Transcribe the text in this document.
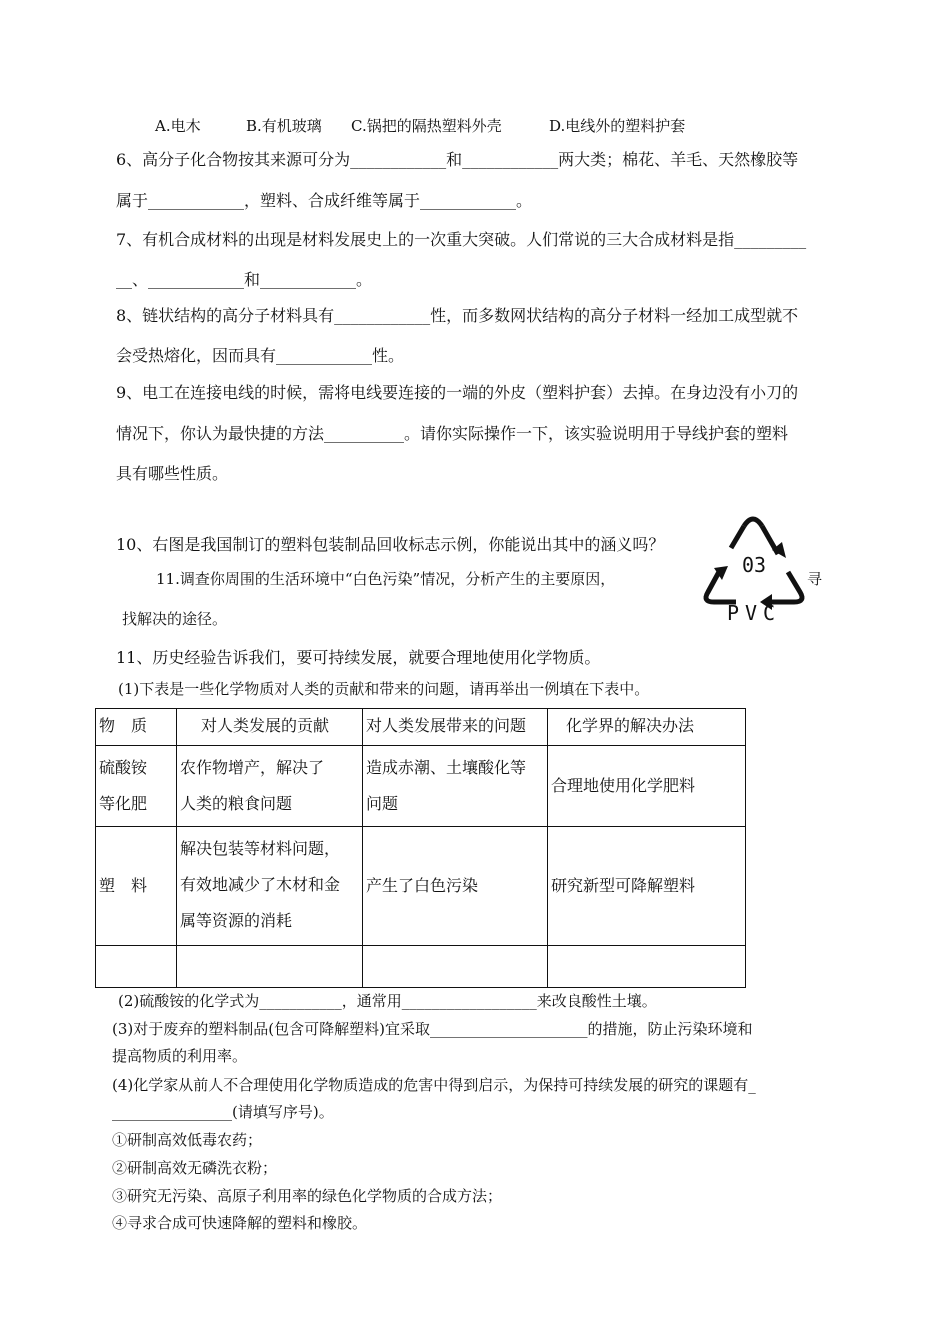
A.电木	B.有机玻璃 C.锅把的隔热塑料外壳	D.电线外的塑料护套
6、高分子化合物按其来源可分为____________和____________两大类；棉花、羊毛、天然橡胶等
属于____________，塑料、合成纤维等属于____________。
7、有机合成材料的出现是材料发展史上的一次重大突破。人们常说的三大合成材料是指_________
__、____________和____________。
8、链状结构的高分子材料具有____________性，而多数网状结构的高分子材料一经加工成型就不
会受热熔化，因而具有____________性。
9、电工在连接电线的时候，需将电线要连接的一端的外皮（塑料护套）去掉。在身边没有小刀的
情况下，你认为最快捷的方法__________。请你实际操作一下，该实验说明用于导线护套的塑料
具有哪些性质。
10、右图是我国制订的塑料包装制品回收标志示例，你能说出其中的涵义吗？
11.调查你周围的生活环境中“白色污染”情况，分析产生的主要原因，	寻
找解决的途径。
03
PVC
11、历史经验告诉我们，要可持续发展，就要合理地使用化学物质。
(1)下表是一些化学物质对人类的贡献和带来的问题，请再举出一例填在下表中。
物　质	对人类发展的贡献	对人类发展带来的问题	化学界的解决办法

硫酸铵
等化肥	农作物增产，解决了
人类的粮食问题	造成赤潮、土壤酸化等
问题	合理地使用化学肥料

塑　料	解决包装等材料问题，
有效地减少了木材和金
属等资源的消耗	产生了白色污染	研究新型可降解塑料

(2)硫酸铵的化学式为___________，通常用__________________来改良酸性土壤。
(3)对于废弃的塑料制品(包含可降解塑料)宜采取_____________________的措施，防止污染环境和
提高物质的利用率。
(4)化学家从前人不合理使用化学物质造成的危害中得到启示，为保持可持续发展的研究的课题有_
________________(请填写序号)。
①研制高效低毒农药；
②研制高效无磷洗衣粉；
③研究无污染、高原子利用率的绿色化学物质的合成方法；
④寻求合成可快速降解的塑料和橡胶。
